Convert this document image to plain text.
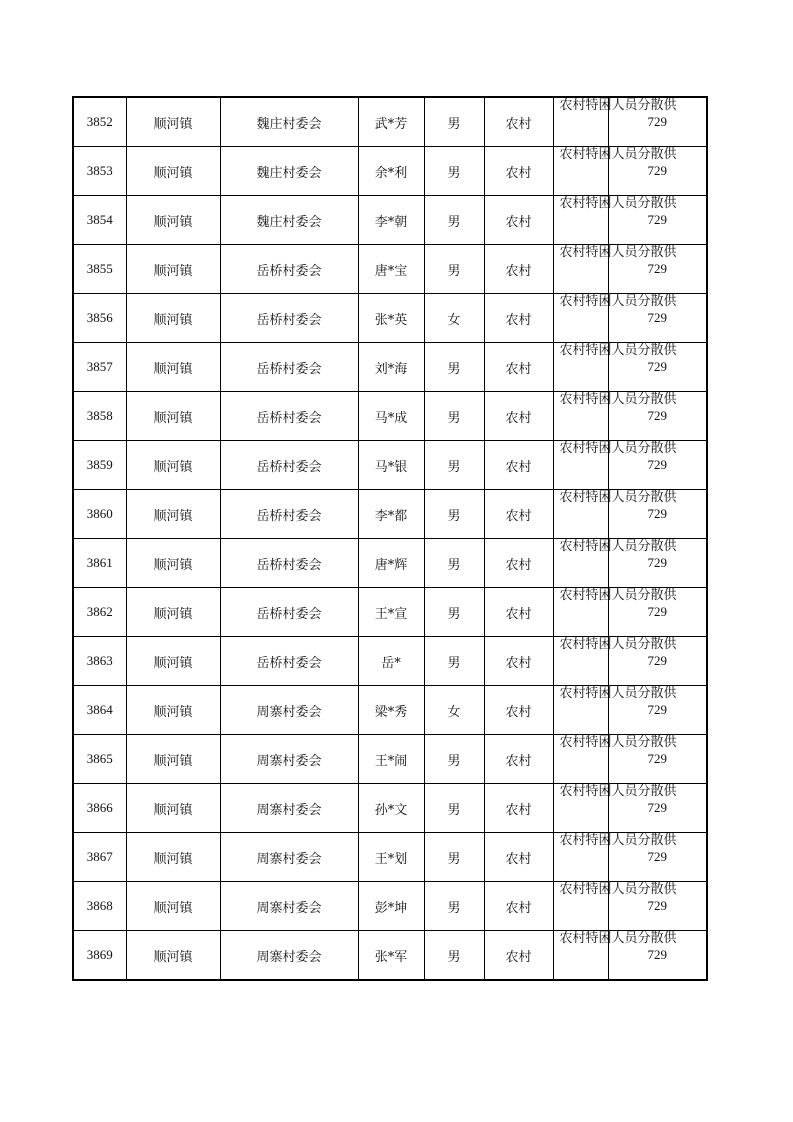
3852	顺河镇	魏庄村委会	武*芳	男	农村	农村特困人员分散供	729
3853	顺河镇	魏庄村委会	余*利	男	农村	农村特困人员分散供	729
3854	顺河镇	魏庄村委会	李*朝	男	农村	农村特困人员分散供	729
3855	顺河镇	岳桥村委会	唐*宝	男	农村	农村特困人员分散供	729
3856	顺河镇	岳桥村委会	张*英	女	农村	农村特困人员分散供	729
3857	顺河镇	岳桥村委会	刘*海	男	农村	农村特困人员分散供	729
3858	顺河镇	岳桥村委会	马*成	男	农村	农村特困人员分散供	729
3859	顺河镇	岳桥村委会	马*银	男	农村	农村特困人员分散供	729
3860	顺河镇	岳桥村委会	李*都	男	农村	农村特困人员分散供	729
3861	顺河镇	岳桥村委会	唐*辉	男	农村	农村特困人员分散供	729
3862	顺河镇	岳桥村委会	王*宣	男	农村	农村特困人员分散供	729
3863	顺河镇	岳桥村委会	岳*	男	农村	农村特困人员分散供	729
3864	顺河镇	周寨村委会	梁*秀	女	农村	农村特困人员分散供	729
3865	顺河镇	周寨村委会	王*闹	男	农村	农村特困人员分散供	729
3866	顺河镇	周寨村委会	孙*文	男	农村	农村特困人员分散供	729
3867	顺河镇	周寨村委会	王*划	男	农村	农村特困人员分散供	729
3868	顺河镇	周寨村委会	彭*坤	男	农村	农村特困人员分散供	729
3869	顺河镇	周寨村委会	张*军	男	农村	农村特困人员分散供	729
